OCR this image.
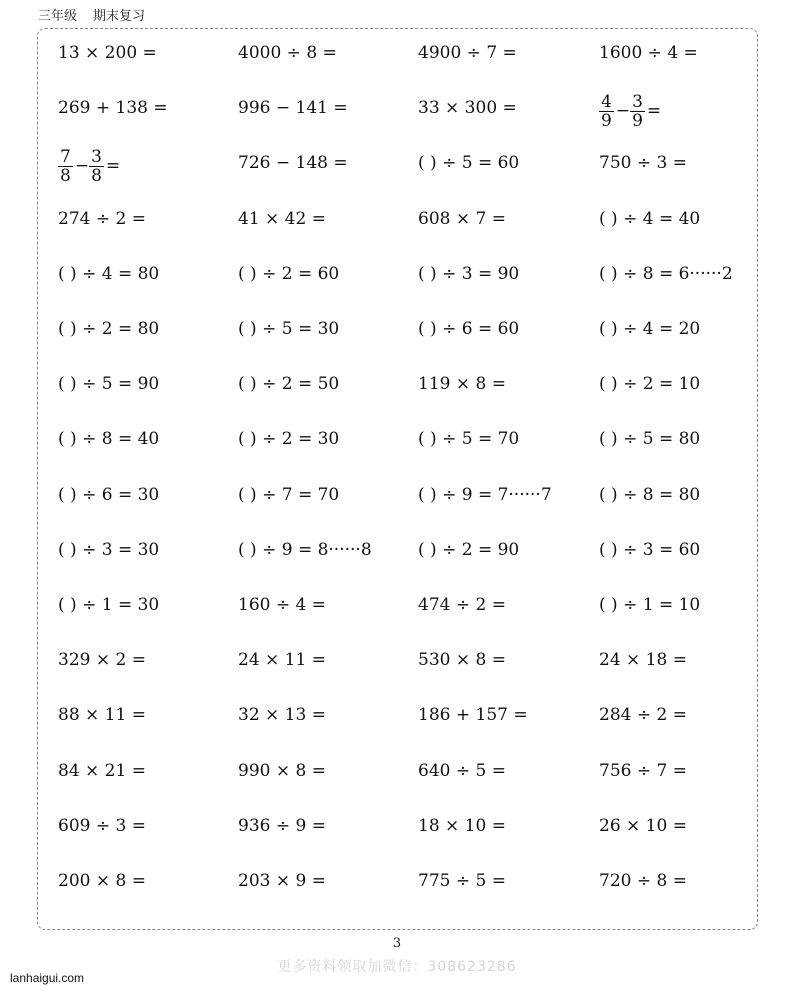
三年级 期末复习
13 × 200 =	4000 ÷ 8 =	4900 ÷ 7 =	1600 ÷ 4 =
269 + 138 =	996 − 141 =	33 × 300 =	$\frac{4}{9} - \frac{3}{9}$ =
$\frac{7}{8} - \frac{3}{8}$ =	726 − 148 =	( ) ÷ 5 = 60	750 ÷ 3 =
274 ÷ 2 =	41 × 42 =	608 × 7 =	( ) ÷ 4 = 40
( ) ÷ 4 = 80	( ) ÷ 2 = 60	( ) ÷ 3 = 90	( ) ÷ 8 = 6······2
( ) ÷ 2 = 80	( ) ÷ 5 = 30	( ) ÷ 6 = 60	( ) ÷ 4 = 20
( ) ÷ 5 = 90	( ) ÷ 2 = 50	119 × 8 =	( ) ÷ 2 = 10
( ) ÷ 8 = 40	( ) ÷ 2 = 30	( ) ÷ 5 = 70	( ) ÷ 5 = 80
( ) ÷ 6 = 30	( ) ÷ 7 = 70	( ) ÷ 9 = 7······7	( ) ÷ 8 = 80
( ) ÷ 3 = 30	( ) ÷ 9 = 8······8	( ) ÷ 2 = 90	( ) ÷ 3 = 60
( ) ÷ 1 = 30	160 ÷ 4 =	474 ÷ 2 =	( ) ÷ 1 = 10
329 × 2 =	24 × 11 =	530 × 8 =	24 × 18 =
88 × 11 =	32 × 13 =	186 + 157 =	284 ÷ 2 =
84 × 21 =	990 × 8 =	640 ÷ 5 =	756 ÷ 7 =
609 ÷ 3 =	936 ÷ 9 =	18 × 10 =	26 × 10 =
200 × 8 =	203 × 9 =	775 ÷ 5 =	720 ÷ 8 =
3
更多资料领取加微信：308623286
lanhaigui.com
